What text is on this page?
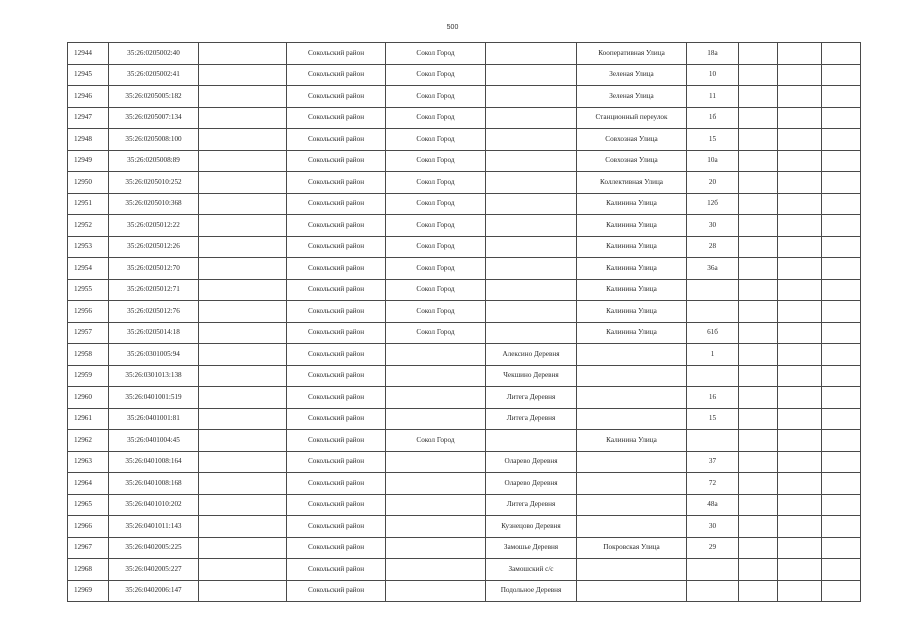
500
12944	35:26:0205002:40		Сокольский район	Сокол Город		Кооперативная Улица	18а			
12945	35:26:0205002:41		Сокольский район	Сокол Город		Зеленая Улица	10			
12946	35:26:0205005:182		Сокольский район	Сокол Город		Зеленая Улица	11			
12947	35:26:0205007:134		Сокольский район	Сокол Город		Станционный переулок	1б			
12948	35:26:0205008:100		Сокольский район	Сокол Город		Совхозная Улица	15			
12949	35:26:0205008:89		Сокольский район	Сокол Город		Совхозная Улица	10а			
12950	35:26:0205010:252		Сокольский район	Сокол Город		Коллективная Улица	20			
12951	35:26:0205010:368		Сокольский район	Сокол Город		Калинина Улица	12б			
12952	35:26:0205012:22		Сокольский район	Сокол Город		Калинина Улица	30			
12953	35:26:0205012:26		Сокольский район	Сокол Город		Калинина Улица	28			
12954	35:26:0205012:70		Сокольский район	Сокол Город		Калинина Улица	36а			
12955	35:26:0205012:71		Сокольский район	Сокол Город		Калинина Улица				
12956	35:26:0205012:76		Сокольский район	Сокол Город		Калинина Улица				
12957	35:26:0205014:18		Сокольский район	Сокол Город		Калинина Улица	61б			
12958	35:26:0301005:94		Сокольский район		Алексино Деревня		1			
12959	35:26:0301013:138		Сокольский район		Чекшино Деревня					
12960	35:26:0401001:519		Сокольский район		Литега Деревня		16			
12961	35:26:0401001:81		Сокольский район		Литега Деревня		15			
12962	35:26:0401004:45		Сокольский район	Сокол Город		Калинина Улица				
12963	35:26:0401008:164		Сокольский район		Оларево Деревня		37			
12964	35:26:0401008:168		Сокольский район		Оларево Деревня		72			
12965	35:26:0401010:202		Сокольский район		Литега Деревня		48а			
12966	35:26:0401011:143		Сокольский район		Кузнецово Деревня		30			
12967	35:26:0402005:225		Сокольский район		Замошье Деревня	Покровская Улица	29			
12968	35:26:0402005:227		Сокольский район		Замошский с/с					
12969	35:26:0402006:147		Сокольский район		Подольное Деревня					
